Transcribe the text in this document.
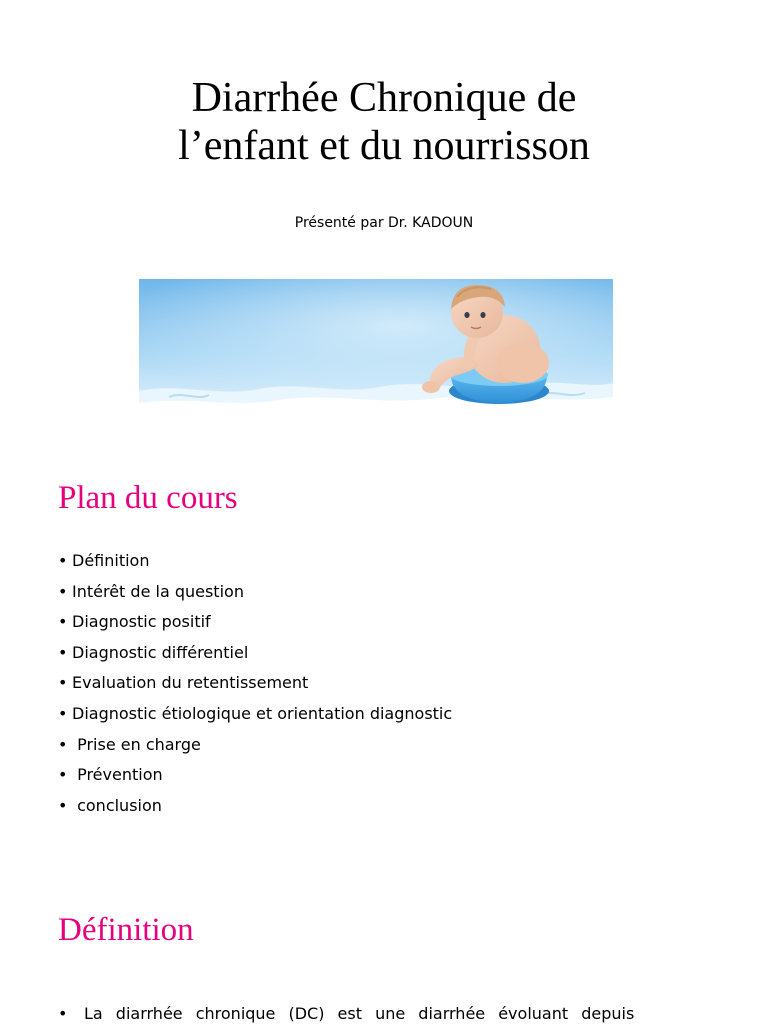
Diarrhée Chronique de
l’enfant et du nourrisson
Présenté par Dr. KADOUN
Plan du cours
• Définition
• Intérêt de la question
• Diagnostic positif
• Diagnostic différentiel
• Evaluation du retentissement
• Diagnostic étiologique et orientation diagnostic
• Prise en charge
• Prévention
• conclusion
Définition
• La diarrhée chronique (DC) est une diarrhée évoluant depuis
